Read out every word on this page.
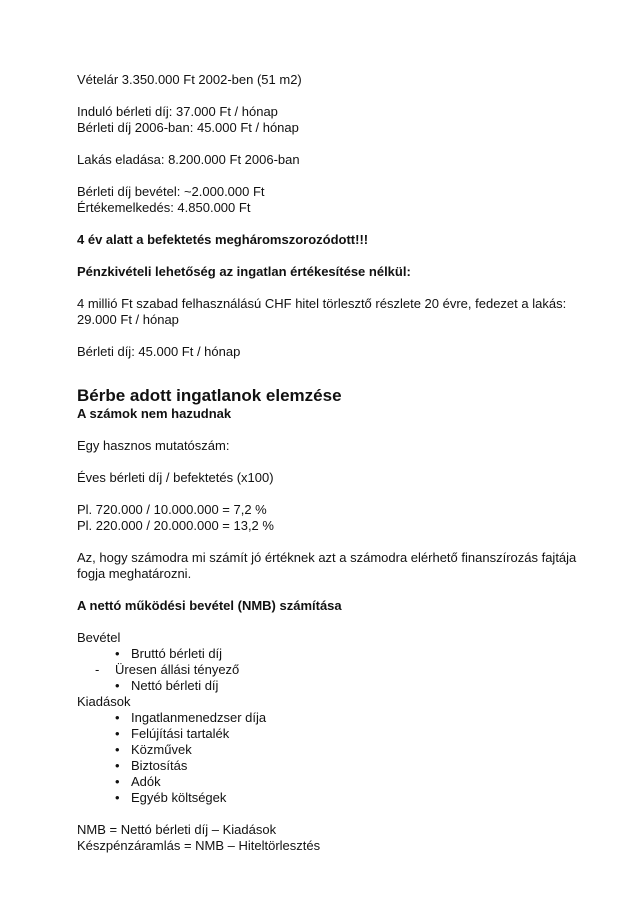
Vételár 3.350.000 Ft 2002-ben (51 m2)
Induló bérleti díj: 37.000 Ft / hónap
Bérleti díj 2006-ban: 45.000 Ft / hónap
Lakás eladása: 8.200.000 Ft 2006-ban
Bérleti díj bevétel: ~2.000.000 Ft
Értékemelkedés: 4.850.000 Ft
4 év alatt a befektetés megháromszorozódott!!!
Pénzkivételi lehetőség az ingatlan értékesítése nélkül:
4 millió Ft szabad felhasználású CHF hitel törlesztő részlete 20 évre, fedezet a lakás: 29.000 Ft / hónap
Bérleti díj: 45.000 Ft / hónap
Bérbe adott ingatlanok elemzése
A számok nem hazudnak
Egy hasznos mutatószám:
Éves bérleti díj / befektetés (x100)
Pl. 720.000 / 10.000.000 = 7,2 %
Pl. 220.000 / 20.000.000 = 13,2 %
Az, hogy számodra mi számít jó értéknek azt a számodra elérhető finanszírozás fajtája fogja meghatározni.
A nettó működési bevétel (NMB) számítása
Bevétel
• Bruttó bérleti díj
- Üresen állási tényező
• Nettó bérleti díj
Kiadások
• Ingatlanmenedzser díja
• Felújítási tartalék
• Közművek
• Biztosítás
• Adók
• Egyéb költségek
NMB = Nettó bérleti díj – Kiadások
Készpénzáramlás = NMB – Hiteltörlesztés
